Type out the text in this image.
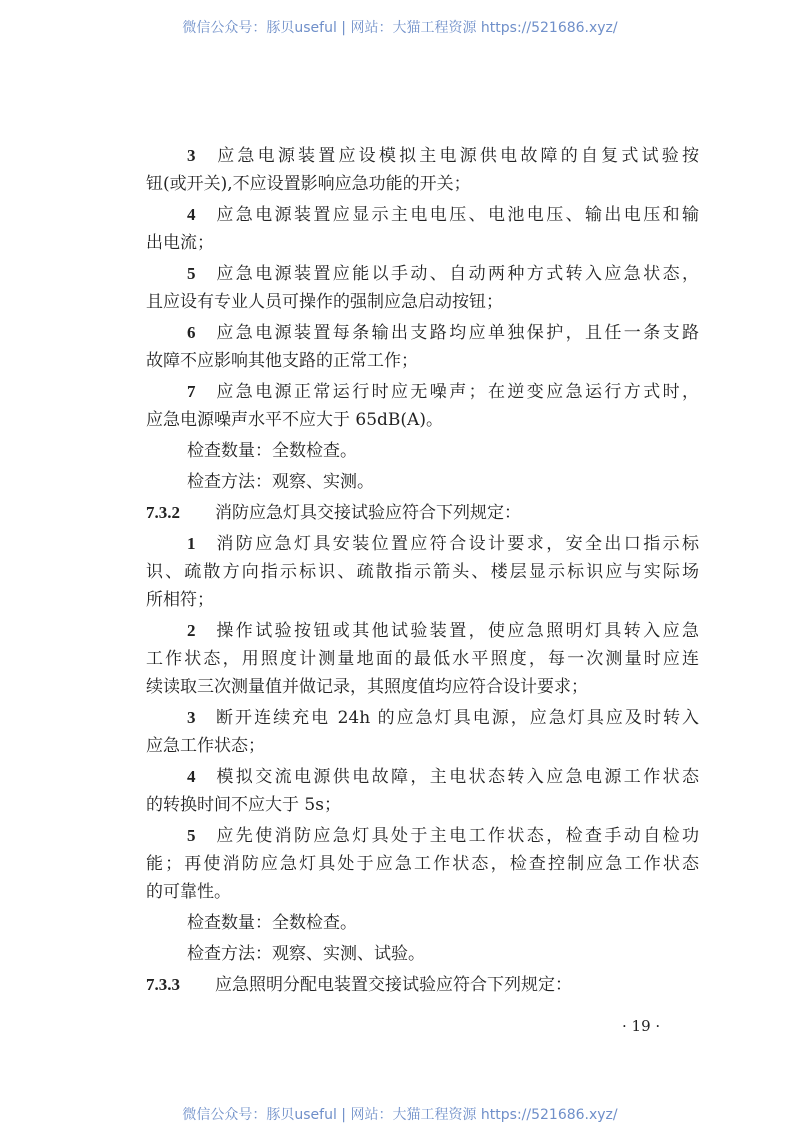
微信公众号：豚贝useful | 网站：大猫工程资源 https://521686.xyz/
3 应急电源装置应设模拟主电源供电故障的自复式试验按
钮(或开关),不应设置影响应急功能的开关；
4 应急电源装置应显示主电电压、电池电压、输出电压和输
出电流；
5 应急电源装置应能以手动、自动两种方式转入应急状态，
且应设有专业人员可操作的强制应急启动按钮；
6 应急电源装置每条输出支路均应单独保护，且任一条支路
故障不应影响其他支路的正常工作；
7 应急电源正常运行时应无噪声；在逆变应急运行方式时，
应急电源噪声水平不应大于 65dB(A)。
检查数量：全数检查。
检查方法：观察、实测。
7.3.2 消防应急灯具交接试验应符合下列规定：
1 消防应急灯具安装位置应符合设计要求，安全出口指示标
识、疏散方向指示标识、疏散指示箭头、楼层显示标识应与实际场
所相符；
2 操作试验按钮或其他试验装置，使应急照明灯具转入应急
工作状态，用照度计测量地面的最低水平照度，每一次测量时应连
续读取三次测量值并做记录，其照度值均应符合设计要求；
3 断开连续充电 24h 的应急灯具电源，应急灯具应及时转入
应急工作状态；
4 模拟交流电源供电故障，主电状态转入应急电源工作状态
的转换时间不应大于 5s；
5 应先使消防应急灯具处于主电工作状态，检查手动自检功
能；再使消防应急灯具处于应急工作状态，检查控制应急工作状态
的可靠性。
检查数量：全数检查。
检查方法：观察、实测、试验。
7.3.3 应急照明分配电装置交接试验应符合下列规定：
· 19 ·
微信公众号：豚贝useful | 网站：大猫工程资源 https://521686.xyz/
